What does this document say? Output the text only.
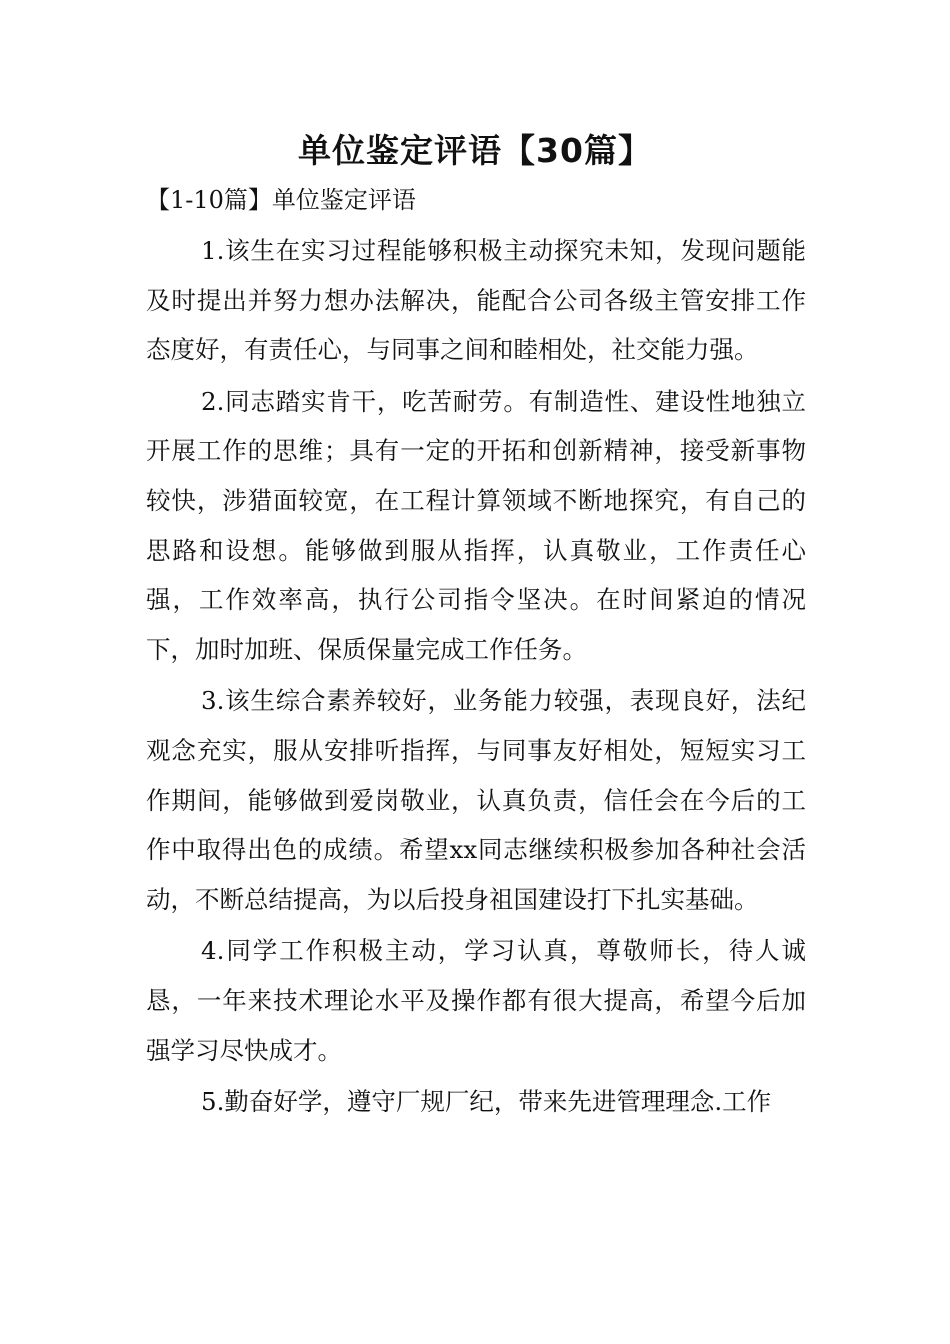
单位鉴定评语【30篇】

【1-10篇】单位鉴定评语

1.该生在实习过程能够积极主动探究未知，发现问题能及时提出并努力想办法解决，能配合公司各级主管安排工作态度好，有责任心，与同事之间和睦相处，社交能力强。

2.同志踏实肯干，吃苦耐劳。有制造性、建设性地独立开展工作的思维；具有一定的开拓和创新精神，接受新事物较快，涉猎面较宽，在工程计算领域不断地探究，有自己的思路和设想。能够做到服从指挥，认真敬业，工作责任心强，工作效率高，执行公司指令坚决。在时间紧迫的情况下，加时加班、保质保量完成工作任务。

3.该生综合素养较好，业务能力较强，表现良好，法纪观念充实，服从安排听指挥，与同事友好相处，短短实习工作期间，能够做到爱岗敬业，认真负责，信任会在今后的工作中取得出色的成绩。希望xx同志继续积极参加各种社会活动，不断总结提高，为以后投身祖国建设打下扎实基础。

4.同学工作积极主动，学习认真，尊敬师长，待人诚恳，一年来技术理论水平及操作都有很大提高，希望今后加强学习尽快成才。

5.勤奋好学，遵守厂规厂纪，带来先进管理理念.工作
